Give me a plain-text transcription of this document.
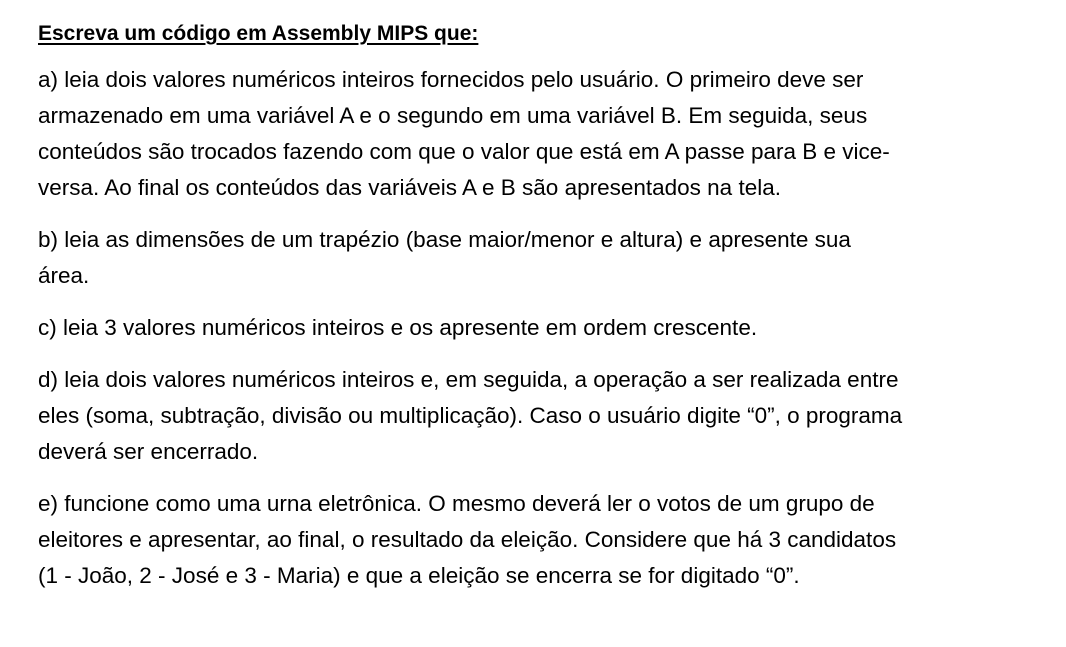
Escreva um código em Assembly MIPS que:
a) leia dois valores numéricos inteiros fornecidos pelo usuário. O primeiro deve ser
armazenado em uma variável A e o segundo em uma variável B. Em seguida, seus
conteúdos são trocados fazendo com que o valor que está em A passe para B e vice-
versa. Ao final os conteúdos das variáveis A e B são apresentados na tela.
b) leia as dimensões de um trapézio (base maior/menor e altura) e apresente sua
área.
c) leia 3 valores numéricos inteiros e os apresente em ordem crescente.
d) leia dois valores numéricos inteiros e, em seguida, a operação a ser realizada entre
eles (soma, subtração, divisão ou multiplicação). Caso o usuário digite “0”, o programa
deverá ser encerrado.
e) funcione como uma urna eletrônica. O mesmo deverá ler o votos de um grupo de
eleitores e apresentar, ao final, o resultado da eleição. Considere que há 3 candidatos
(1 - João, 2 - José e 3 - Maria) e que a eleição se encerra se for digitado “0”.
